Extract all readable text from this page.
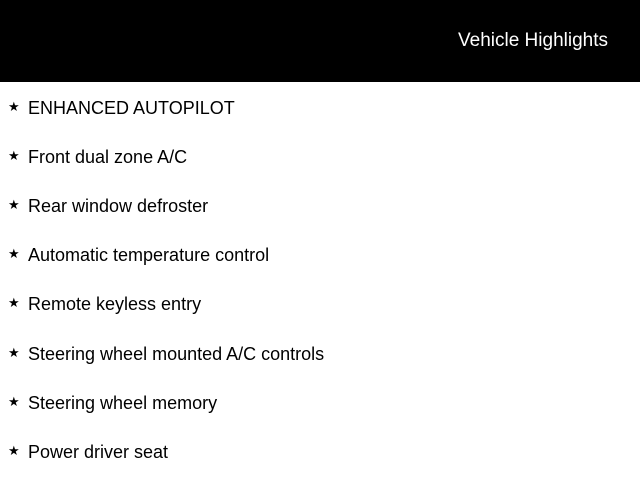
Vehicle Highlights
★ ENHANCED AUTOPILOT
★ Front dual zone A/C
★ Rear window defroster
★ Automatic temperature control
★ Remote keyless entry
★ Steering wheel mounted A/C controls
★ Steering wheel memory
★ Power driver seat
